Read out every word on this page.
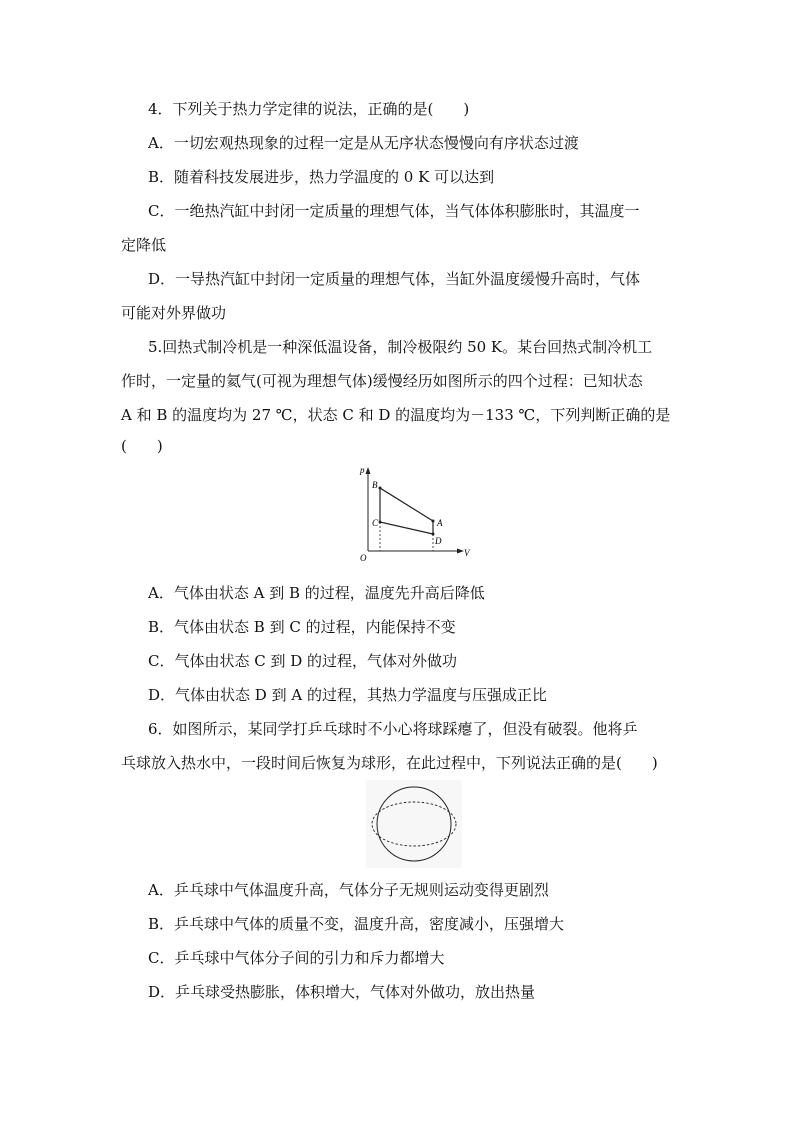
4．下列关于热力学定律的说法，正确的是(　　)
A．一切宏观热现象的过程一定是从无序状态慢慢向有序状态过渡
B．随着科技发展进步，热力学温度的 0 K 可以达到
C．一绝热汽缸中封闭一定质量的理想气体，当气体体积膨胀时，其温度一
定降低
D．一导热汽缸中封闭一定质量的理想气体，当缸外温度缓慢升高时，气体
可能对外界做功
5.回热式制冷机是一种深低温设备，制冷极限约 50 K。某台回热式制冷机工
作时，一定量的氦气(可视为理想气体)缓慢经历如图所示的四个过程：已知状态
A 和 B 的温度均为 27 ℃，状态 C 和 D 的温度均为－133 ℃，下列判断正确的是
(　　)
p
V
O
B
C	A
D
A．气体由状态 A 到 B 的过程，温度先升高后降低
B．气体由状态 B 到 C 的过程，内能保持不变
C．气体由状态 C 到 D 的过程，气体对外做功
D．气体由状态 D 到 A 的过程，其热力学温度与压强成正比
6．如图所示，某同学打乒乓球时不小心将球踩瘪了，但没有破裂。他将乒
乓球放入热水中，一段时间后恢复为球形，在此过程中，下列说法正确的是(　　)
A．乒乓球中气体温度升高，气体分子无规则运动变得更剧烈
B．乒乓球中气体的质量不变，温度升高，密度减小，压强增大
C．乒乓球中气体分子间的引力和斥力都增大
D．乒乓球受热膨胀，体积增大，气体对外做功，放出热量
